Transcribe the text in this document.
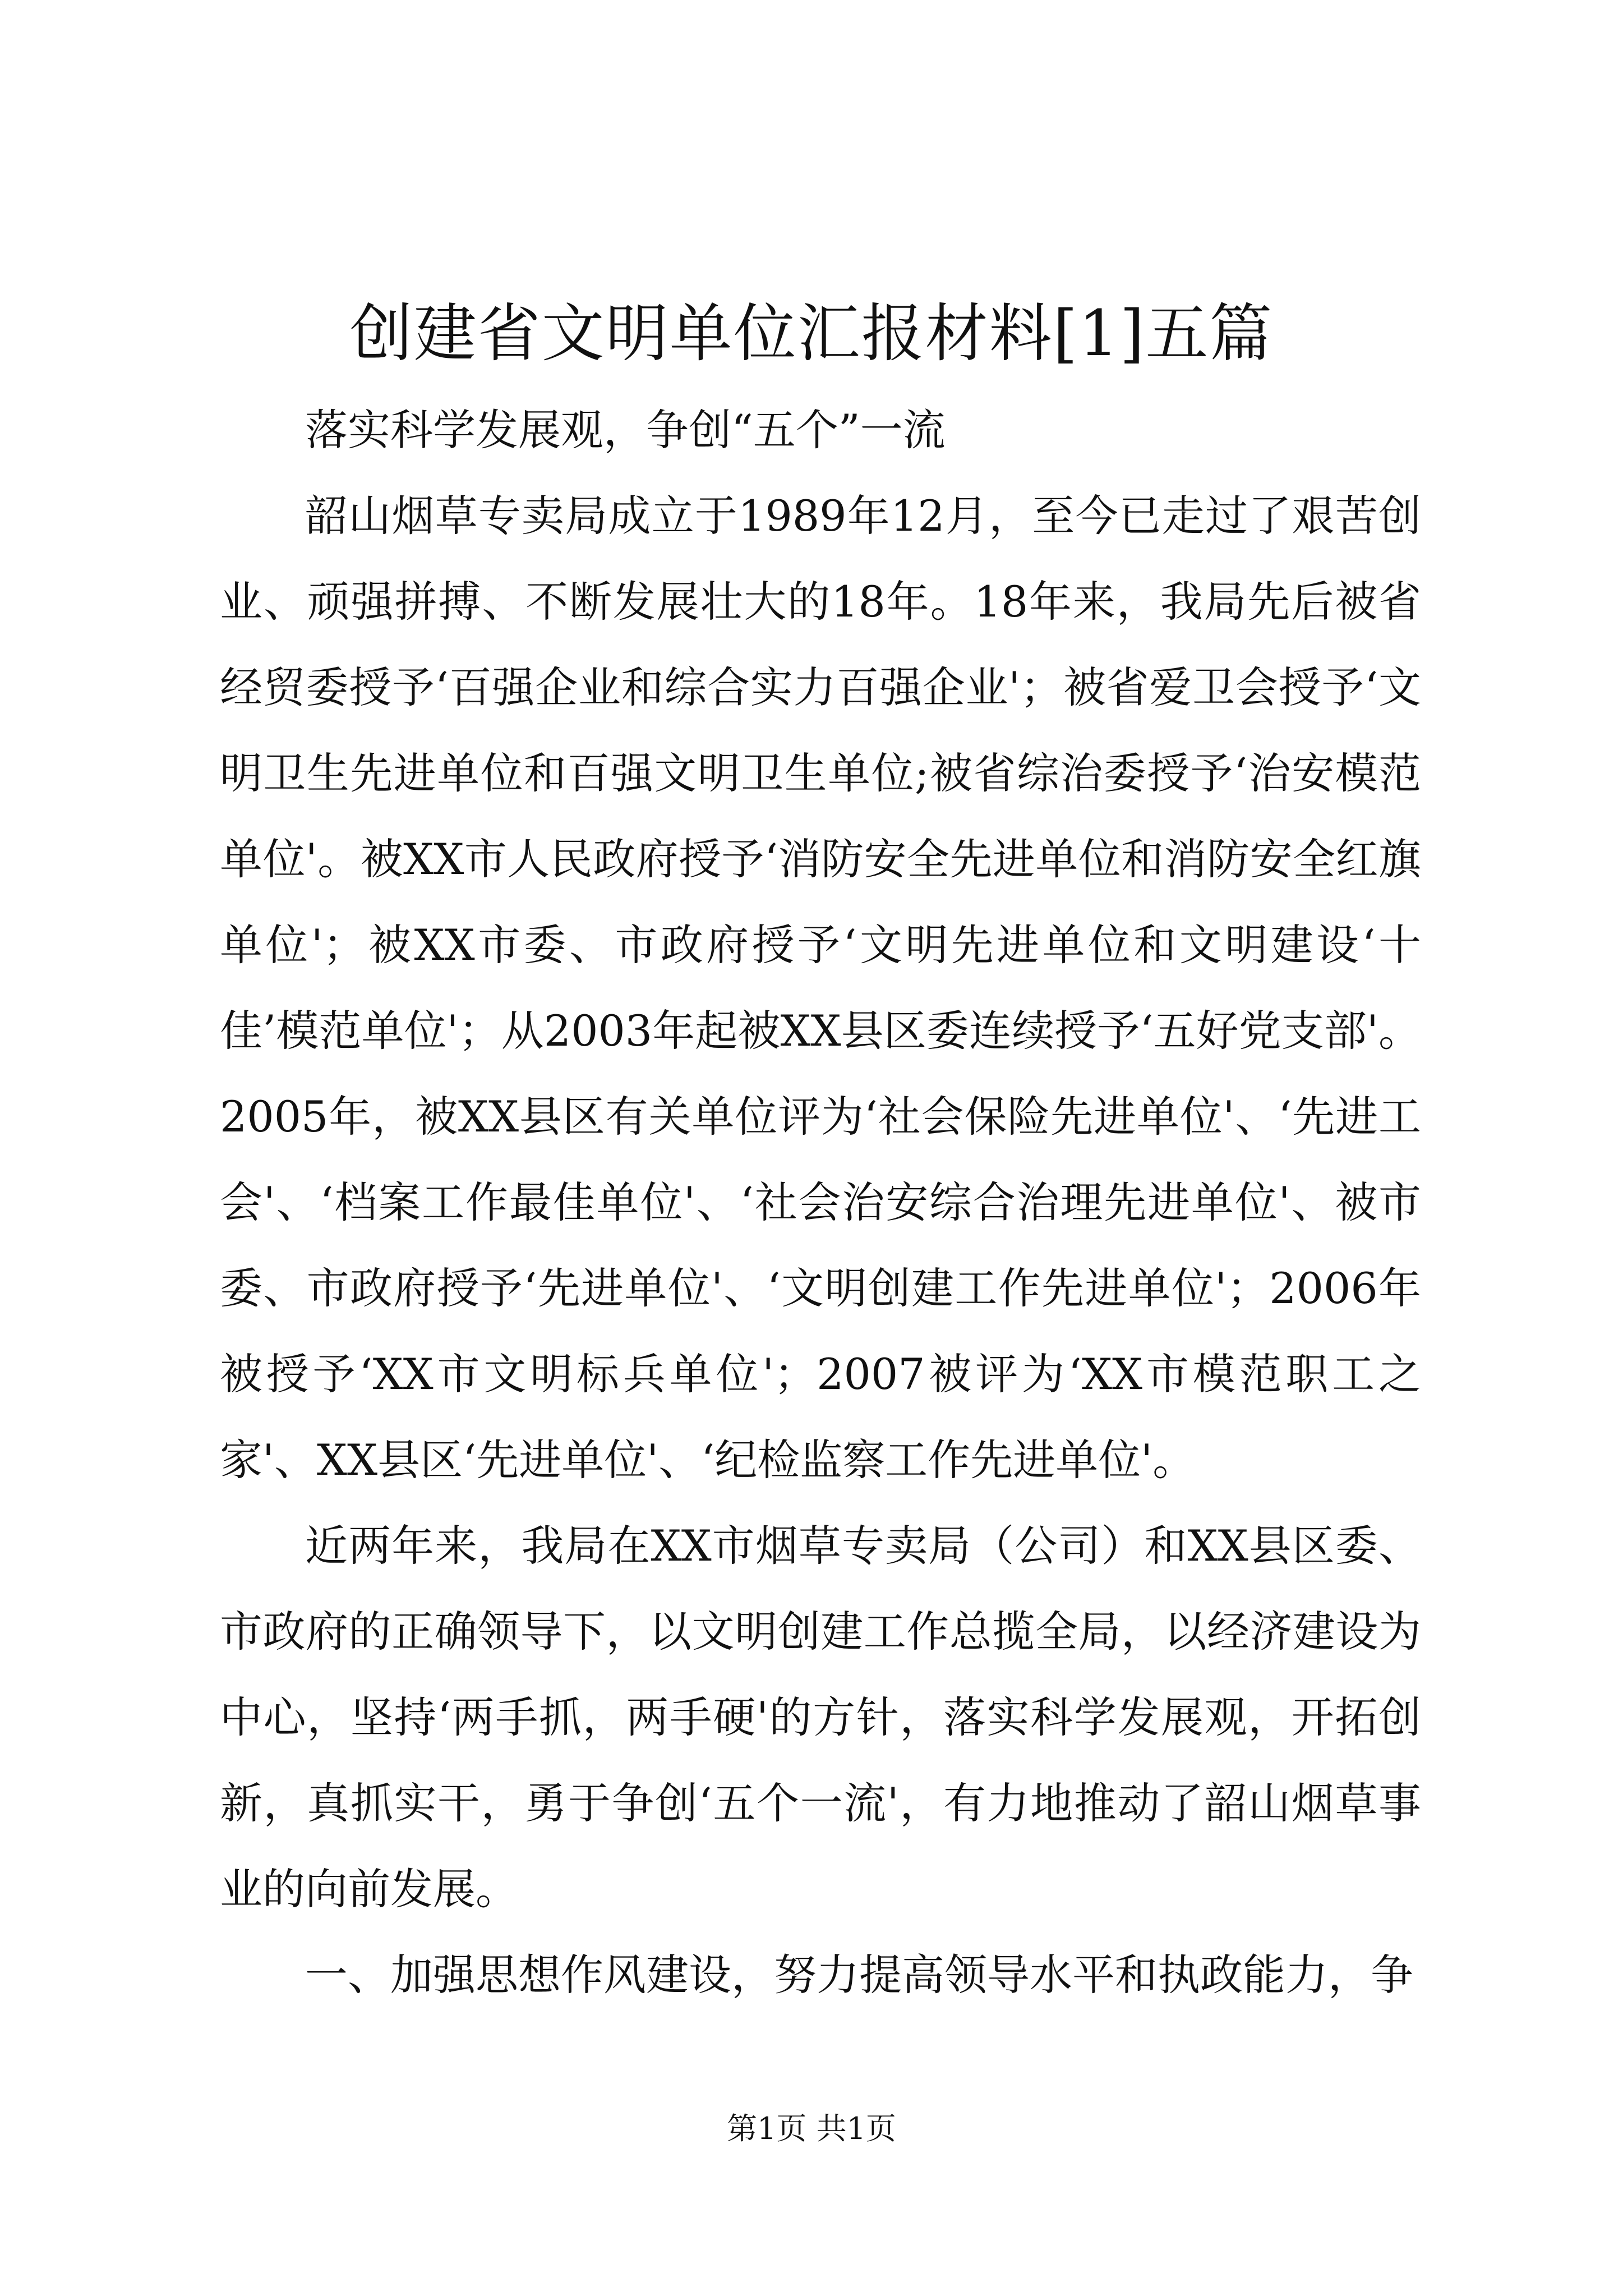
创建省文明单位汇报材料[1]五篇

落实科学发展观，争创“五个”一流

韶山烟草专卖局成立于1989年12月，至今已走过了艰苦创业、顽强拼搏、不断发展壮大的18年。18年来，我局先后被省经贸委授予‘百强企业和综合实力百强企业'；被省爱卫会授予‘文明卫生先进单位和百强文明卫生单位;被省综治委授予‘治安模范单位'。被XX市人民政府授予‘消防安全先进单位和消防安全红旗单位'；被XX市委、市政府授予‘文明先进单位和文明建设‘十佳’模范单位'；从2003年起被XX县区委连续授予‘五好党支部'。2005年，被XX县区有关单位评为‘社会保险先进单位'、‘先进工会'、‘档案工作最佳单位'、‘社会治安综合治理先进单位'、被市委、市政府授予‘先进单位'、‘文明创建工作先进单位'；2006年被授予‘XX市文明标兵单位'；2007被评为‘XX市模范职工之家'、XX县区‘先进单位'、‘纪检监察工作先进单位'。

近两年来，我局在XX市烟草专卖局（公司）和XX县区委、市政府的正确领导下，以文明创建工作总揽全局，以经济建设为中心，坚持‘两手抓，两手硬'的方针，落实科学发展观，开拓创新，真抓实干，勇于争创‘五个一流'，有力地推动了韶山烟草事业的向前发展。

一、加强思想作风建设，努力提高领导水平和执政能力，争

第1页 共1页
